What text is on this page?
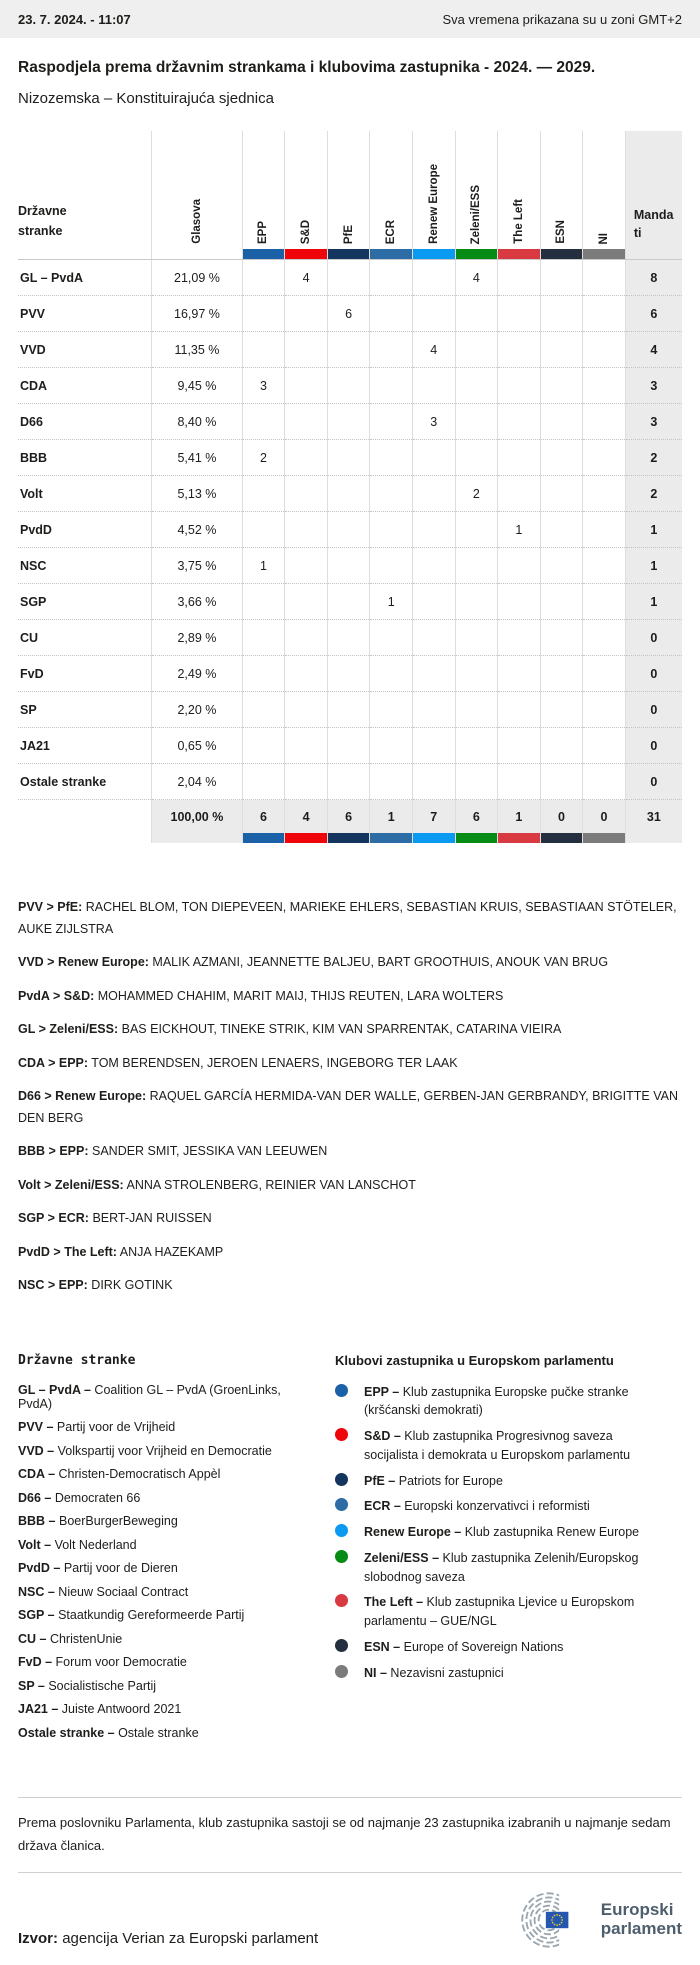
23. 7. 2024. - 11:07	Sva vremena prikazana su u zoni GMT+2
Raspodjela prema državnim strankama i klubovima zastupnika - 2024. — 2029.
Nizozemska – Konstituirajuća sjednica
Državne stranke	Glasova	EPP	S&D	PfE	ECR	Renew Europe	Zeleni/ESS	The Left	ESN	NI	Mandati

GL – PvdA	21,09 %		4				4				8
PVV	16,97 %			6							6
VVD	11,35 %					4					4
CDA	9,45 %	3									3
D66	8,40 %					3					3
BBB	5,41 %	2									2
Volt	5,13 %						2				2
PvdD	4,52 %							1			1
NSC	3,75 %	1									1
SGP	3,66 %				1						1
CU	2,89 %										0
FvD	2,49 %										0
SP	2,20 %										0
JA21	0,65 %										0
Ostale stranke	2,04 %										0
	100,00 %	6	4	6	1	7	6	1	0	0	31

PVV > PfE: RACHEL BLOM, TON DIEPEVEEN, MARIEKE EHLERS, SEBASTIAN KRUIS, SEBASTIAAN STÖTELER, AUKE ZIJLSTRA

VVD > Renew Europe: MALIK AZMANI, JEANNETTE BALJEU, BART GROOTHUIS, ANOUK VAN BRUG

PvdA > S&D: MOHAMMED CHAHIM, MARIT MAIJ, THIJS REUTEN, LARA WOLTERS

GL > Zeleni/ESS: BAS EICKHOUT, TINEKE STRIK, KIM VAN SPARRENTAK, CATARINA VIEIRA

CDA > EPP: TOM BERENDSEN, JEROEN LENAERS, INGEBORG TER LAAK

D66 > Renew Europe: RAQUEL GARCÍA HERMIDA-VAN DER WALLE, GERBEN-JAN GERBRANDY, BRIGITTE VAN DEN BERG

BBB > EPP: SANDER SMIT, JESSIKA VAN LEEUWEN

Volt > Zeleni/ESS: ANNA STROLENBERG, REINIER VAN LANSCHOT

SGP > ECR: BERT-JAN RUISSEN

PvdD > The Left: ANJA HAZEKAMP

NSC > EPP: DIRK GOTINK

Državne stranke

GL – PvdA – Coalition GL – PvdA (GroenLinks, PvdA)

PVV – Partij voor de Vrijheid

VVD – Volkspartij voor Vrijheid en Democratie

CDA – Christen-Democratisch Appèl

D66 – Democraten 66

BBB – BoerBurgerBeweging

Volt – Volt Nederland

PvdD – Partij voor de Dieren

NSC – Nieuw Sociaal Contract

SGP – Staatkundig Gereformeerde Partij

CU – ChristenUnie

FvD – Forum voor Democratie

SP – Socialistische Partij

JA21 – Juiste Antwoord 2021

Ostale stranke – Ostale stranke

Klubovi zastupnika u Europskom parlamentu

EPP – Klub zastupnika Europske pučke stranke (kršćanski demokrati)

S&D – Klub zastupnika Progresivnog saveza socijalista i demokrata u Europskom parlamentu

PfE – Patriots for Europe

ECR – Europski konzervativci i reformisti

Renew Europe – Klub zastupnika Renew Europe

Zeleni/ESS – Klub zastupnika Zelenih/Europskog slobodnog saveza

The Left – Klub zastupnika Ljevice u Europskom parlamentu – GUE/NGL

ESN – Europe of Sovereign Nations

NI – Nezavisni zastupnici

Prema poslovniku Parlamenta, klub zastupnika sastoji se od najmanje 23 zastupnika izabranih u najmanje sedam država članica.

Izvor: agencija Verian za Europski parlament

Europski
parlament
